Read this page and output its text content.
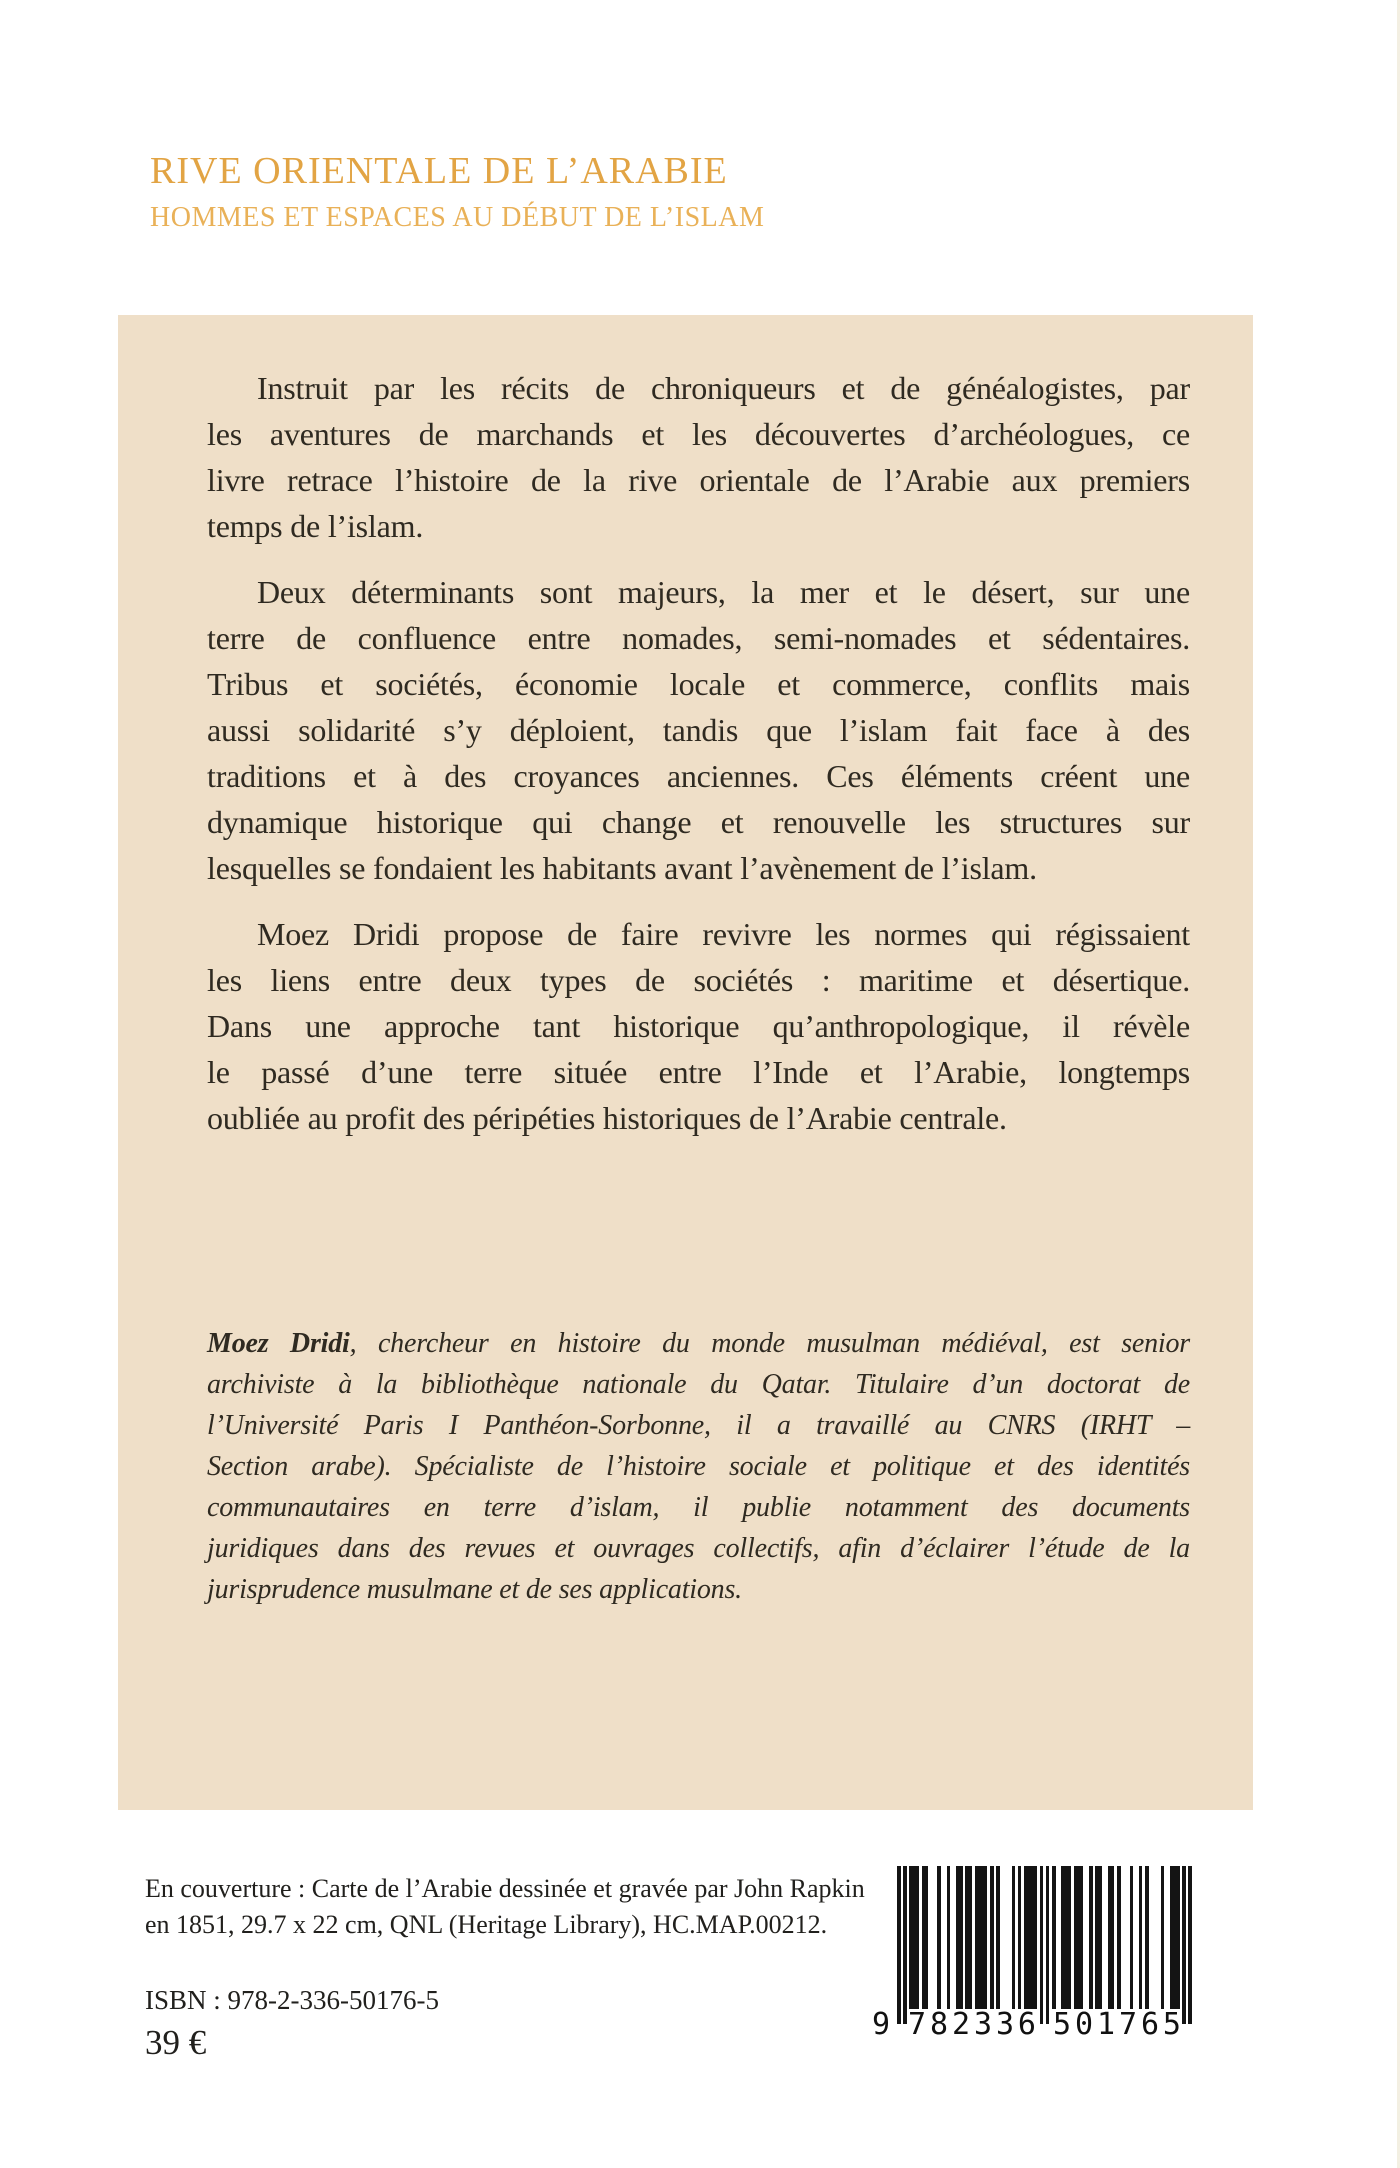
RIVE ORIENTALE DE L’ARABIE
HOMMES ET ESPACES AU DÉBUT DE L’ISLAM
Instruit par les récits de chroniqueurs et de généalogistes, par
les aventures de marchands et les découvertes d’archéologues, ce
livre retrace l’histoire de la rive orientale de l’Arabie aux premiers
temps de l’islam.
Deux déterminants sont majeurs, la mer et le désert, sur une
terre de confluence entre nomades, semi-nomades et sédentaires.
Tribus et sociétés, économie locale et commerce, conflits mais
aussi solidarité s’y déploient, tandis que l’islam fait face à des
traditions et à des croyances anciennes. Ces éléments créent une
dynamique historique qui change et renouvelle les structures sur
lesquelles se fondaient les habitants avant l’avènement de l’islam.
Moez Dridi propose de faire revivre les normes qui régissaient
les liens entre deux types de sociétés : maritime et désertique.
Dans une approche tant historique qu’anthropologique, il révèle
le passé d’une terre située entre l’Inde et l’Arabie, longtemps
oubliée au profit des péripéties historiques de l’Arabie centrale.
Moez Dridi, chercheur en histoire du monde musulman médiéval, est senior
archiviste à la bibliothèque nationale du Qatar. Titulaire d’un doctorat de
l’Université Paris I Panthéon-Sorbonne, il a travaillé au CNRS (IRHT –
Section arabe). Spécialiste de l’histoire sociale et politique et des identités
communautaires en terre d’islam, il publie notamment des documents
juridiques dans des revues et ouvrages collectifs, afin d’éclairer l’étude de la
jurisprudence musulmane et de ses applications.
En couverture : Carte de l’Arabie dessinée et gravée par John Rapkin
en 1851, 29.7 x 22 cm, QNL (Heritage Library), HC.MAP.00212.
ISBN : 978-2-336-50176-5
39 €	9 7 8 2 3 3 6 5 0 1 7 6 5
